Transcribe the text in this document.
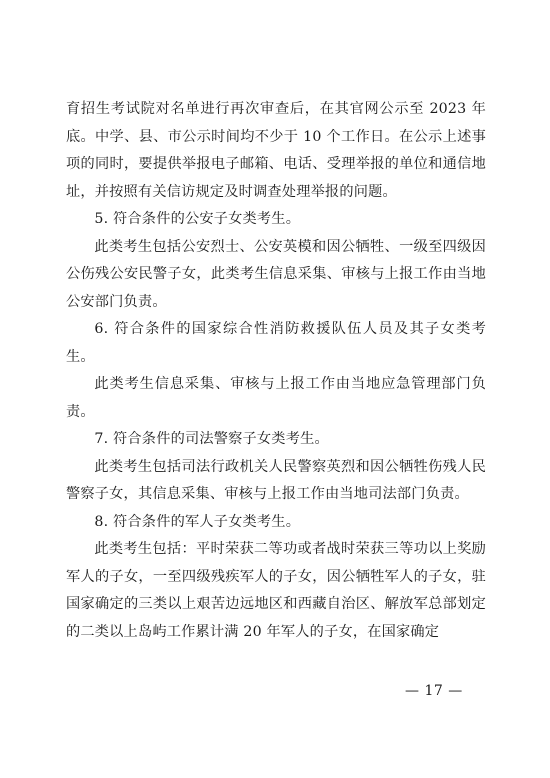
育招生考试院对名单进行再次审查后，在其官网公示至 2023 年底。中学、县、市公示时间均不少于 10 个工作日。在公示上述事项的同时，要提供举报电子邮箱、电话、受理举报的单位和通信地址，并按照有关信访规定及时调查处理举报的问题。

5. 符合条件的公安子女类考生。

此类考生包括公安烈士、公安英模和因公牺牲、一级至四级因公伤残公安民警子女，此类考生信息采集、审核与上报工作由当地公安部门负责。

6. 符合条件的国家综合性消防救援队伍人员及其子女类考生。

此类考生信息采集、审核与上报工作由当地应急管理部门负责。

7. 符合条件的司法警察子女类考生。

此类考生包括司法行政机关人民警察英烈和因公牺牲伤残人民警察子女，其信息采集、审核与上报工作由当地司法部门负责。

8. 符合条件的军人子女类考生。

此类考生包括：平时荣获二等功或者战时荣获三等功以上奖励军人的子女，一至四级残疾军人的子女，因公牺牲军人的子女，驻国家确定的三类以上艰苦边远地区和西藏自治区、解放军总部划定的二类以上岛屿工作累计满 20 年军人的子女，在国家确定

— 17 —
